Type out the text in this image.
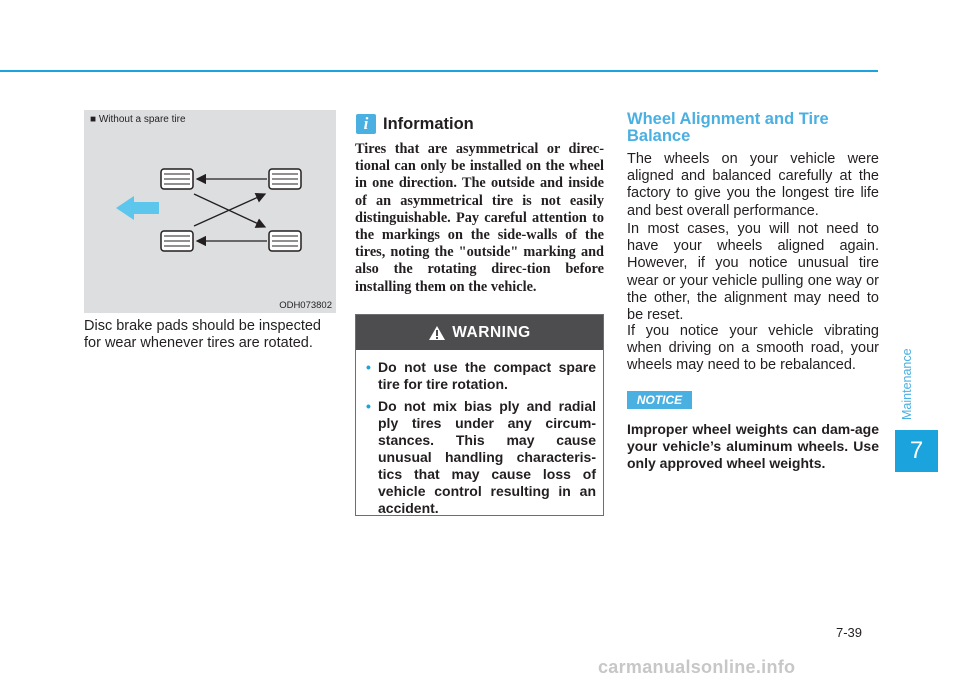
■ Without a spare tire
ODH073802
Disc brake pads should be inspected for wear whenever tires are rotated.
i Information
Tires that are asymmetrical or direc-tional can only be installed on the wheel in one direction. The outside and inside of an asymmetrical tire is not easily distinguishable. Pay careful attention to the markings on the side-walls of the tires, noting the "outside" marking and also the rotating direc-tion before installing them on the vehicle.
WARNING
• Do not use the compact spare tire for tire rotation.
• Do not mix bias ply and radial ply tires under any circum-stances. This may cause unusual handling characteris-tics that may cause loss of vehicle control resulting in an accident.
Wheel Alignment and Tire Balance
The wheels on your vehicle were aligned and balanced carefully at the factory to give you the longest tire life and best overall performance.
In most cases, you will not need to have your wheels aligned again. However, if you notice unusual tire wear or your vehicle pulling one way or the other, the alignment may need to be reset.
If you notice your vehicle vibrating when driving on a smooth road, your wheels may need to be rebalanced.
NOTICE
Improper wheel weights can dam-age your vehicle’s aluminum wheels. Use only approved wheel weights.
Maintenance
7
7-39
carmanualsonline.info
